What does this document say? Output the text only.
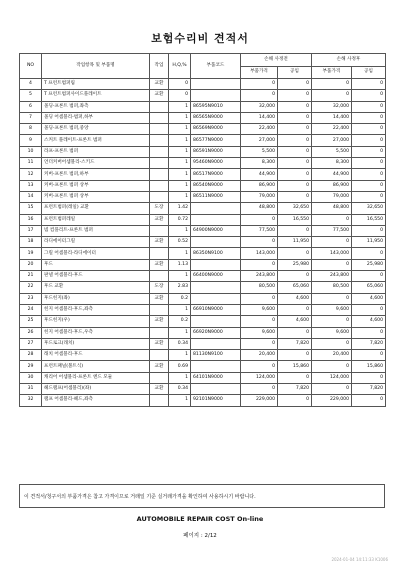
보험수리비 견적서
NO	작업항목 및 부품명	작업	H,Q,%	부품코드	손해 사정전		손해 사정후	
					부품가격	공임	부품가격	공임
4	T 프런트범퍼림	교환	0		0	0	0	0
5	T 프런트범퍼사이드플레이트	교환	0		0	0	0	0
6	몰딩-프론트 범퍼,좌측		1	86595N9010	32,000	0	32,000	0
7	몰딩 어셈블리-범퍼,하부		1	86565N9000	14,400	0	14,400	0
8	몰딩-프론트 범퍼,중앙		1	86569N9000	22,400	0	22,400	0
9	스커트 플레이트-프론트 범퍼		1	86577N9000	27,000	0	27,000	0
10	라프-프론트 범퍼		1	86591N9000	5,500	0	5,500	0
11	언더커버어셈블리-스키드		1	95460N9000	8,300	0	8,300	0
12	커버-프론트 범퍼,하부		1	86517N9000	44,900	0	44,900	0
13	커버-프론트 범퍼 상부		1	86540N9000	86,900	0	86,900	0
14	커버-프론트 범퍼 상부		1	86511N9000	79,000	0	79,000	0
15	프런트범퍼(레일) 교환	도장	1.42		48,800	32,650	48,800	32,650
16	프런트범퍼레일	교환	0.72		0	16,550	0	16,550
17	빔 컴플리트-프론트 범퍼		1	64900N9000	77,500	0	77,500	0
18	라디에이터그릴	교환	0.52		0	11,950	0	11,950
19	그릴 어셈블리-라디에이터		1	86350N9100	143,000	0	143,000	0
20	후드	교환	1.13		0	25,980	0	25,980
21	판넬 어셈블리-후드		1	66400N9000	243,800	0	243,800	0
22	후드 교환	도장	2.83		80,500	65,060	80,500	65,060
23	후드힌지(좌)	교환	0.2		0	4,600	0	4,600
24	힌지 어셈블리-후드,좌측		1	66910N9000	9,600	0	9,600	0
25	후드힌지(우)	교환	0.2		0	4,600	0	4,600
26	힌지 어셈블리-후드,우측		1	66920N9000	9,600	0	9,600	0
27	후드로크(래치)	교환	0.34		0	7,820	0	7,820
28	래치 어셈블리-후드		1	81130N9100	20,400	0	20,400	0
29	프런트패널(볼트식)	교환	0.69		0	15,860	0	15,860
30	캐리어 어셈블리-프론트 엔드 모듈		1	64101N9000	124,000	0	124,000	0
31	헤드램프(어셈블리)(좌)	교환	0.34		0	7,820	0	7,820
32	램프 어셈블리-헤드,좌측		1	92101N9000	229,000	0	229,000	0
이 견적서/청구서의 부품가격은 참고 가격이므로 거래일 기준 실거래가격을 확인하여 사용하시기 바랍니다.
AUTOMOBILE REPAIR COST On-line
페이지 : 2/12
2024-01-04 14:11:33 K1006
